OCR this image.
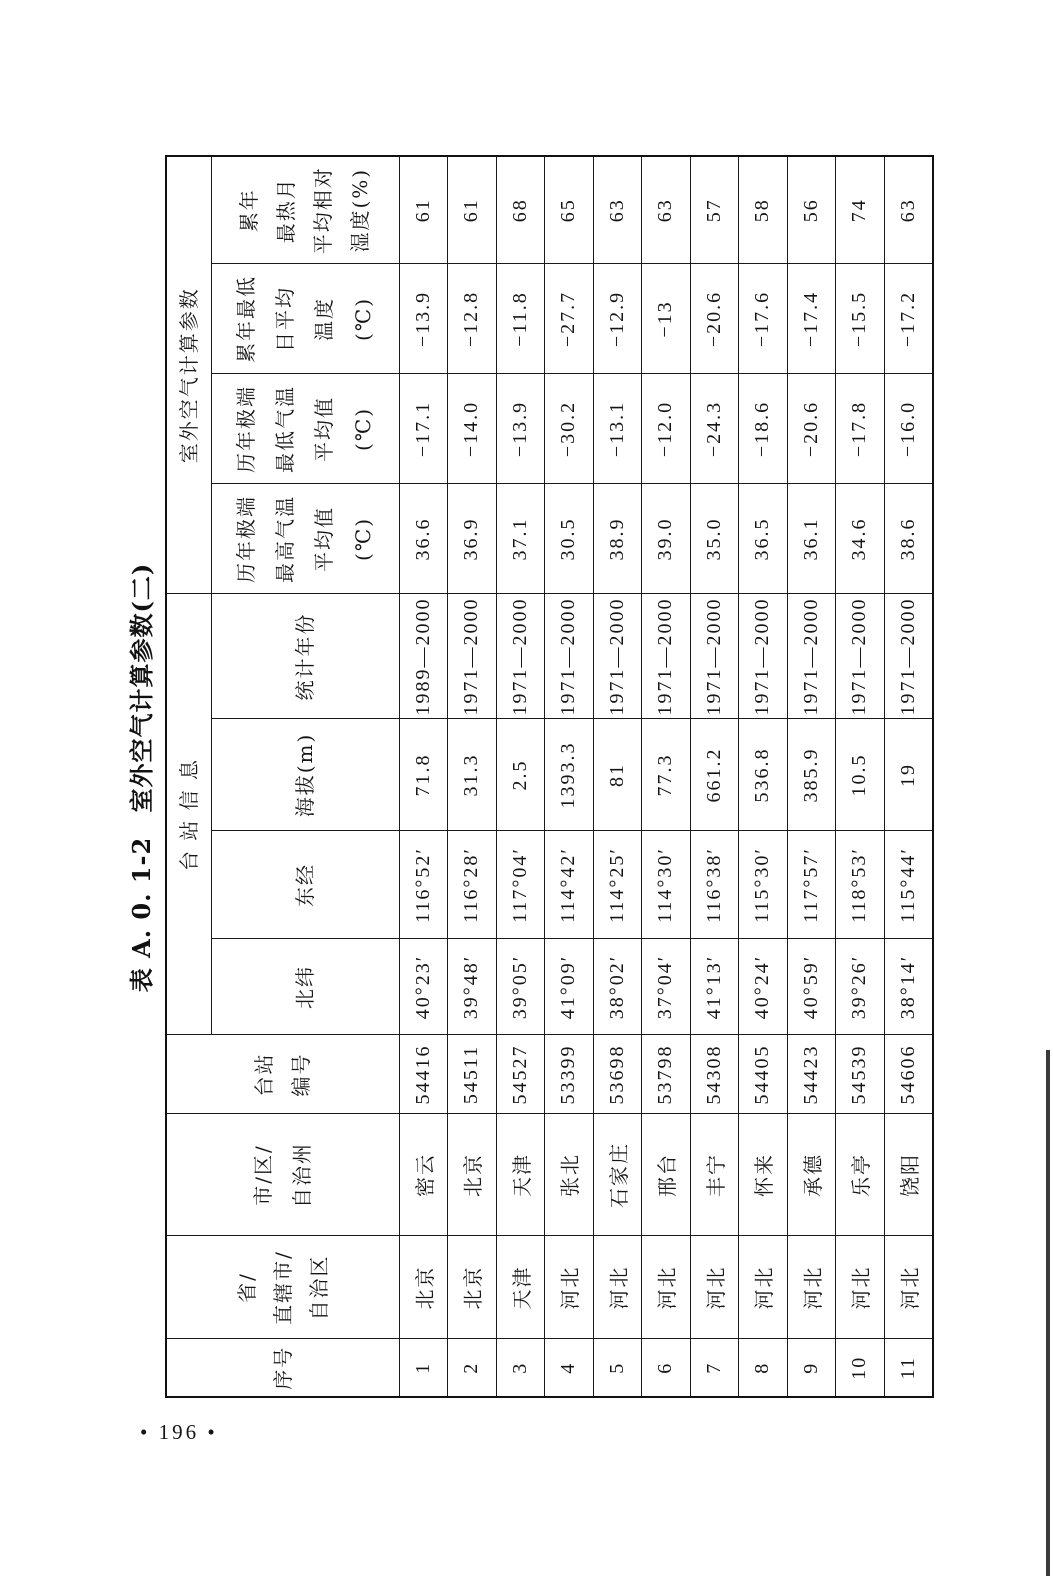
表 A. 0. 1-2 室外空气计算参数(二)
序号	省/ 直辖市/ 自治区	市/区/ 自治州	台站 编号	台 站 信 息				室外空气计算参数			
				北纬	东经	海拔(m)	统计年份	历年极端 最高气温 平均值 (℃)	历年极端 最低气温 平均值 (℃)	累年最低 日平均 温度 (℃)	累年 最热月 平均相对 湿度(%)

1	北京	密云	54416	40°23′	116°52′	71.8	1989—2000	36.6	−17.1	−13.9	61
2	北京	北京	54511	39°48′	116°28′	31.3	1971—2000	36.9	−14.0	−12.8	61
3	天津	天津	54527	39°05′	117°04′	2.5	1971—2000	37.1	−13.9	−11.8	68
4	河北	张北	53399	41°09′	114°42′	1393.3	1971—2000	30.5	−30.2	−27.7	65
5	河北	石家庄	53698	38°02′	114°25′	81	1971—2000	38.9	−13.1	−12.9	63
6	河北	邢台	53798	37°04′	114°30′	77.3	1971—2000	39.0	−12.0	−13	63
7	河北	丰宁	54308	41°13′	116°38′	661.2	1971—2000	35.0	−24.3	−20.6	57
8	河北	怀来	54405	40°24′	115°30′	536.8	1971—2000	36.5	−18.6	−17.6	58
9	河北	承德	54423	40°59′	117°57′	385.9	1971—2000	36.1	−20.6	−17.4	56
10	河北	乐亭	54539	39°26′	118°53′	10.5	1971—2000	34.6	−17.8	−15.5	74
11	河北	饶阳	54606	38°14′	115°44′	19	1971—2000	38.6	−16.0	−17.2	63
• 196 •
